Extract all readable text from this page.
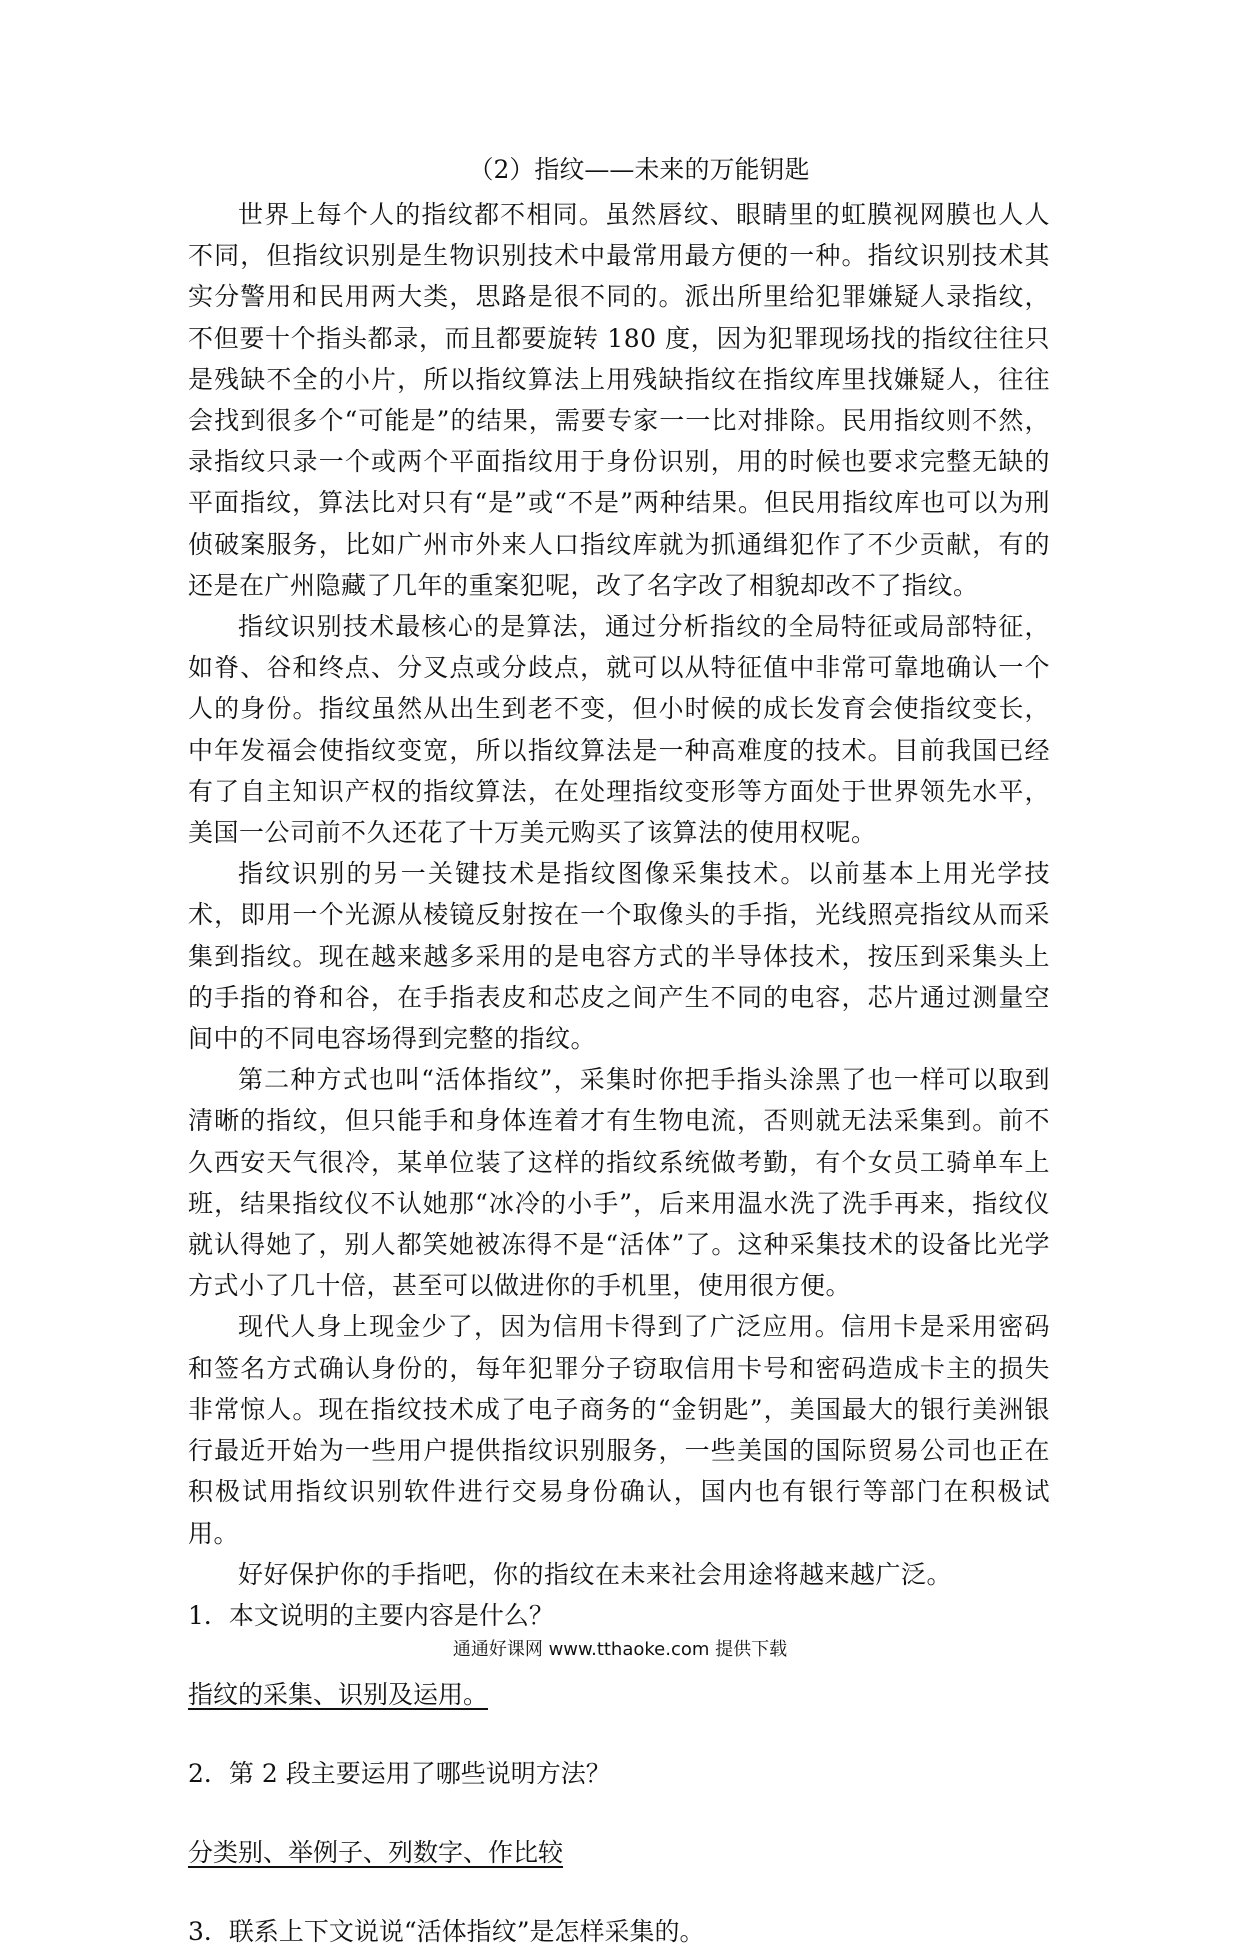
（2）指纹——未来的万能钥匙

世界上每个人的指纹都不相同。虽然唇纹、眼睛里的虹膜视网膜也人人不同，但指纹识别是生物识别技术中最常用最方便的一种。指纹识别技术其实分警用和民用两大类，思路是很不同的。派出所里给犯罪嫌疑人录指纹，不但要十个指头都录，而且都要旋转 180 度，因为犯罪现场找的指纹往往只是残缺不全的小片，所以指纹算法上用残缺指纹在指纹库里找嫌疑人，往往会找到很多个“可能是”的结果，需要专家一一比对排除。民用指纹则不然，录指纹只录一个或两个平面指纹用于身份识别，用的时候也要求完整无缺的平面指纹，算法比对只有“是”或“不是”两种结果。但民用指纹库也可以为刑侦破案服务，比如广州市外来人口指纹库就为抓通缉犯作了不少贡献，有的还是在广州隐藏了几年的重案犯呢，改了名字改了相貌却改不了指纹。

指纹识别技术最核心的是算法，通过分析指纹的全局特征或局部特征，如脊、谷和终点、分叉点或分歧点，就可以从特征值中非常可靠地确认一个人的身份。指纹虽然从出生到老不变，但小时候的成长发育会使指纹变长，中年发福会使指纹变宽，所以指纹算法是一种高难度的技术。目前我国已经有了自主知识产权的指纹算法，在处理指纹变形等方面处于世界领先水平，美国一公司前不久还花了十万美元购买了该算法的使用权呢。

指纹识别的另一关键技术是指纹图像采集技术。以前基本上用光学技术，即用一个光源从棱镜反射按在一个取像头的手指，光线照亮指纹从而采集到指纹。现在越来越多采用的是电容方式的半导体技术，按压到采集头上的手指的脊和谷，在手指表皮和芯皮之间产生不同的电容，芯片通过测量空间中的不同电容场得到完整的指纹。

第二种方式也叫“活体指纹”，采集时你把手指头涂黑了也一样可以取到清晰的指纹，但只能手和身体连着才有生物电流，否则就无法采集到。前不久西安天气很冷，某单位装了这样的指纹系统做考勤，有个女员工骑单车上班，结果指纹仪不认她那“冰冷的小手”，后来用温水洗了洗手再来，指纹仪就认得她了，别人都笑她被冻得不是“活体”了。这种采集技术的设备比光学方式小了几十倍，甚至可以做进你的手机里，使用很方便。

现代人身上现金少了，因为信用卡得到了广泛应用。信用卡是采用密码和签名方式确认身份的，每年犯罪分子窃取信用卡号和密码造成卡主的损失非常惊人。现在指纹技术成了电子商务的“金钥匙”，美国最大的银行美洲银行最近开始为一些用户提供指纹识别服务，一些美国的国际贸易公司也正在积极试用指纹识别软件进行交易身份确认，国内也有银行等部门在积极试用。

好好保护你的手指吧，你的指纹在未来社会用途将越来越广泛。

1．本文说明的主要内容是什么？

指纹的采集、识别及运用。

2．第 2 段主要运用了哪些说明方法？

分类别、举例子、列数字、作比较

3．联系上下文说说“活体指纹”是怎样采集的。

通通好课网 www.tthaoke.com 提供下载
